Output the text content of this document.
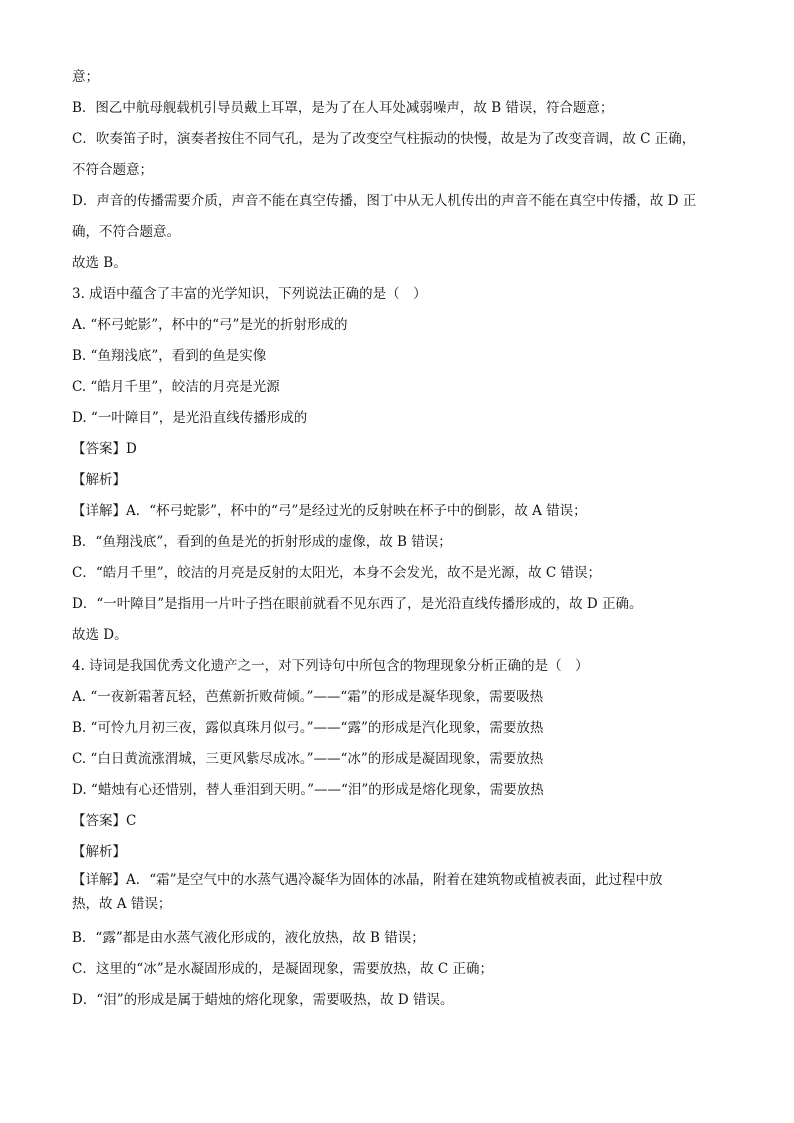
意；
B．图乙中航母舰载机引导员戴上耳罩，是为了在人耳处减弱噪声，故 B 错误，符合题意；
C．吹奏笛子时，演奏者按住不同气孔，是为了改变空气柱振动的快慢，故是为了改变音调，故 C 正确，
不符合题意；
D．声音的传播需要介质，声音不能在真空传播，图丁中从无人机传出的声音不能在真空中传播，故 D 正
确，不符合题意。
故选 B。
3. 成语中蕴含了丰富的光学知识，下列说法正确的是（　）
A. “杯弓蛇影”，杯中的“弓”是光的折射形成的
B. “鱼翔浅底”，看到的鱼是实像
C. “皓月千里”，皎洁的月亮是光源
D. “一叶障目”，是光沿直线传播形成的
【答案】D
【解析】
【详解】A．“杯弓蛇影”，杯中的“弓”是经过光的反射映在杯子中的倒影，故 A 错误；
B．“鱼翔浅底”，看到的鱼是光的折射形成的虚像，故 B 错误；
C．“皓月千里”，皎洁的月亮是反射的太阳光，本身不会发光，故不是光源，故 C 错误；
D．“一叶障目”是指用一片叶子挡在眼前就看不见东西了，是光沿直线传播形成的，故 D 正确。
故选 D。
4. 诗词是我国优秀文化遗产之一，对下列诗句中所包含的物理现象分析正确的是（　）
A. “一夜新霜著瓦轻，芭蕉新折败荷倾。”——“霜”的形成是凝华现象，需要吸热
B. “可怜九月初三夜，露似真珠月似弓。”——“露”的形成是汽化现象，需要放热
C. “白日黄流涨渭城，三更风紫尽成冰。”——“冰”的形成是凝固现象，需要放热
D. “蜡烛有心还惜别，替人垂泪到天明。”——“泪”的形成是熔化现象，需要放热
【答案】C
【解析】
【详解】A．“霜”是空气中的水蒸气遇冷凝华为固体的冰晶，附着在建筑物或植被表面，此过程中放
热，故 A 错误；
B．“露”都是由水蒸气液化形成的，液化放热，故 B 错误；
C．这里的“冰”是水凝固形成的，是凝固现象，需要放热，故 C 正确；
D．“泪”的形成是属于蜡烛的熔化现象，需要吸热，故 D 错误。
